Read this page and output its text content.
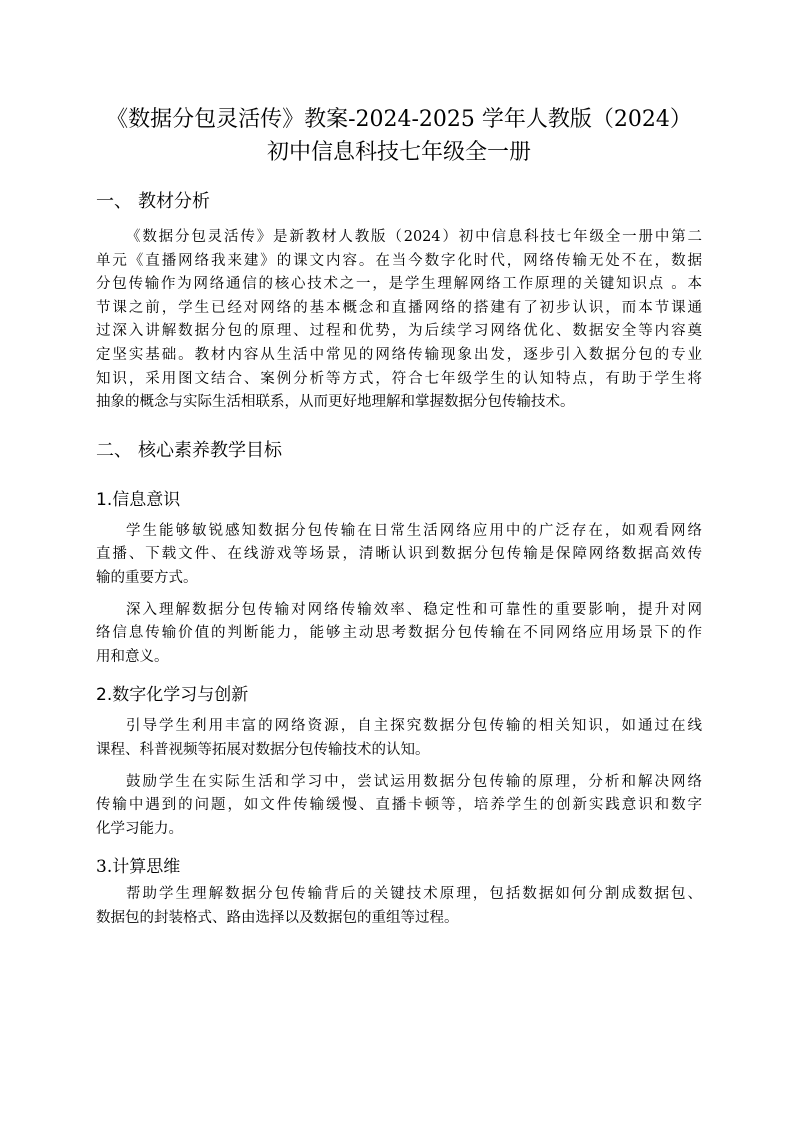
《数据分包灵活传》教案-2024-2025 学年人教版（2024）
初中信息科技七年级全一册
一、 教材分析

《数据分包灵活传》是新教材人教版（2024）初中信息科技七年级全一册中第二
单元《直播网络我来建》的课文内容。在当今数字化时代，网络传输无处不在，数据
分包传输作为网络通信的核心技术之一，是学生理解网络工作原理的关键知识点 。本
节课之前，学生已经对网络的基本概念和直播网络的搭建有了初步认识，而本节课通
过深入讲解数据分包的原理、过程和优势，为后续学习网络优化、数据安全等内容奠
定坚实基础。教材内容从生活中常见的网络传输现象出发，逐步引入数据分包的专业
知识，采用图文结合、案例分析等方式，符合七年级学生的认知特点，有助于学生将
抽象的概念与实际生活相联系，从而更好地理解和掌握数据分包传输技术。

二、 核心素养教学目标
1.信息意识

学生能够敏锐感知数据分包传输在日常生活网络应用中的广泛存在，如观看网络
直播、下载文件、在线游戏等场景，清晰认识到数据分包传输是保障网络数据高效传
输的重要方式。

深入理解数据分包传输对网络传输效率、稳定性和可靠性的重要影响，提升对网
络信息传输价值的判断能力，能够主动思考数据分包传输在不同网络应用场景下的作
用和意义。

2.数字化学习与创新

引导学生利用丰富的网络资源，自主探究数据分包传输的相关知识，如通过在线
课程、科普视频等拓展对数据分包传输技术的认知。

鼓励学生在实际生活和学习中，尝试运用数据分包传输的原理，分析和解决网络
传输中遇到的问题，如文件传输缓慢、直播卡顿等，培养学生的创新实践意识和数字
化学习能力。

3.计算思维

帮助学生理解数据分包传输背后的关键技术原理，包括数据如何分割成数据包、
数据包的封装格式、路由选择以及数据包的重组等过程。
